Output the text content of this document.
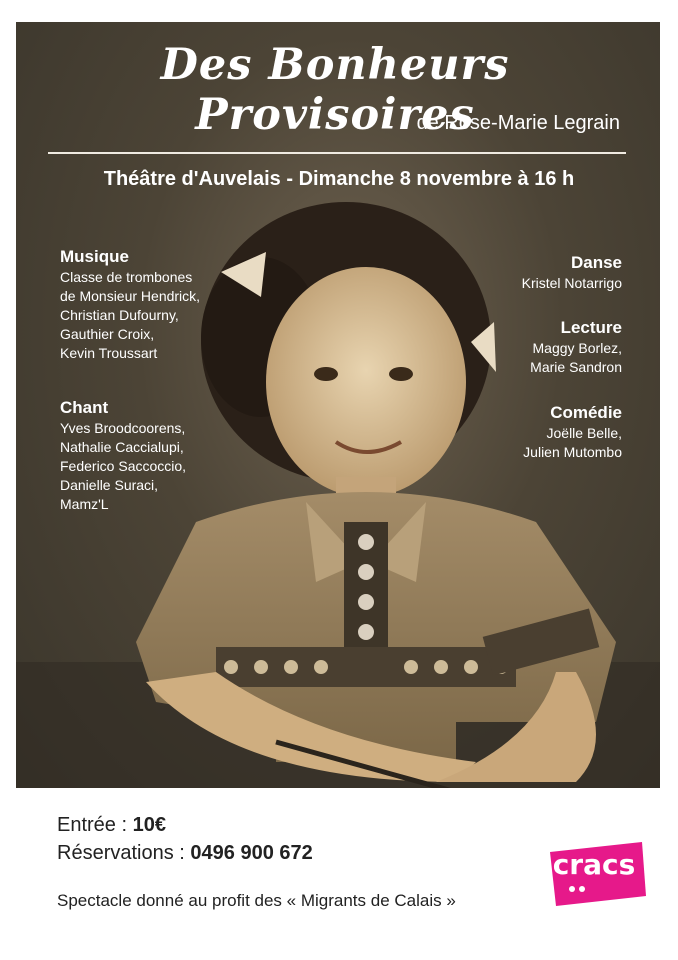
Des Bonheurs Provisoires
de Rose-Marie Legrain
Théâtre d'Auvelais - Dimanche 8 novembre à 16 h
Musique
Classe de trombones
de Monsieur Hendrick,
Christian Dufourny,
Gauthier Croix,
Kevin Troussart
Chant
Yves Broodcoorens,
Nathalie Caccialupi,
Federico Saccoccio,
Danielle Suraci,
Mamz'L
Danse
Kristel Notarrigo
Lecture
Maggy Borlez,
Marie Sandron
Comédie
Joëlle Belle,
Julien Mutombo
Entrée : 10€
Réservations : 0496 900 672
Spectacle donné au profit des « Migrants de Calais »
cracs
